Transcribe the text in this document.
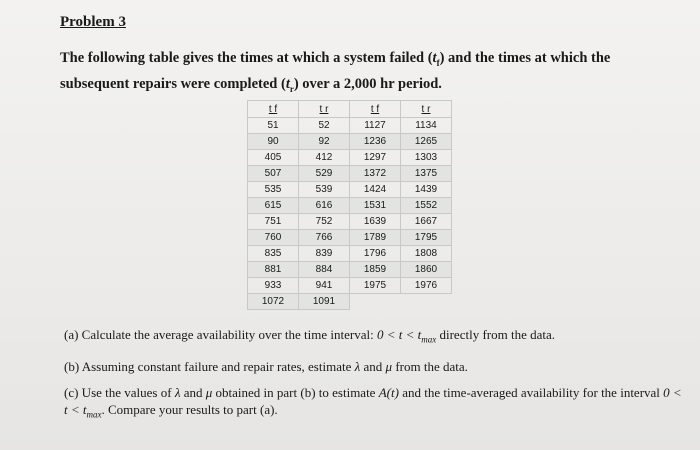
Problem 3
The following table gives the times at which a system failed $(t_f)$ and the times at which the subsequent repairs were completed $(t_r)$ over a 2,000 hr period.
t f	t r	t f	t r
51	52	1127	1134
90	92	1236	1265
405	412	1297	1303
507	529	1372	1375
535	539	1424	1439
615	616	1531	1552
751	752	1639	1667
760	766	1789	1795
835	839	1796	1808
881	884	1859	1860
933	941	1975	1976
1072	1091		

(a) Calculate the average availability over the time interval: $0 < t < t_{max}$ directly from the data.

(b) Assuming constant failure and repair rates, estimate λ and μ from the data.

(c) Use the values of λ and μ obtained in part (b) to estimate A(t) and the time-averaged availability for the interval $0 < t < t_{max}$. Compare your results to part (a).
